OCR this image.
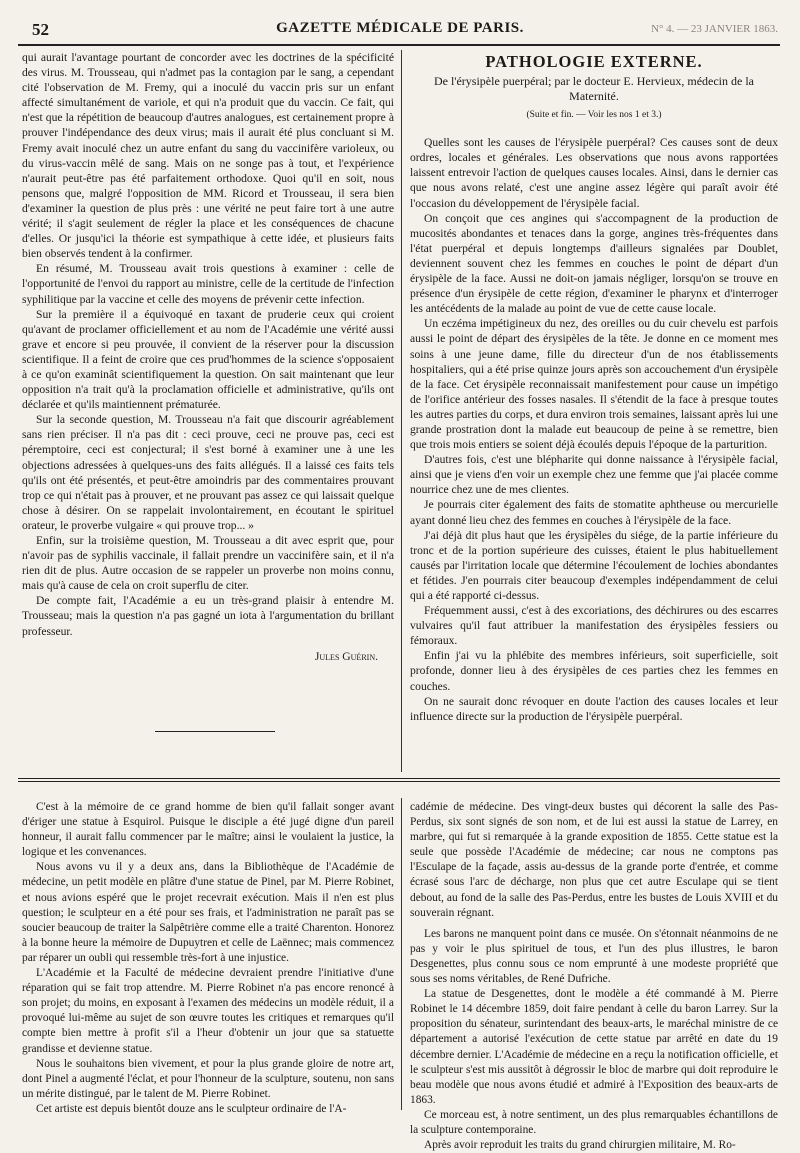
52	GAZETTE MÉDICALE DE PARIS.	N° 4. — 23 JANVIER 1863.

qui aurait l'avantage pourtant de concorder avec les doctrines de la spécificité des virus. M. Trousseau, qui n'admet pas la contagion par le sang, a cependant cité l'observation de M. Fremy, qui a inoculé du vaccin pris sur un enfant affecté simultanément de variole, et qui n'a produit que du vaccin. Ce fait, qui n'est que la répétition de beaucoup d'autres analogues, est certainement propre à prouver l'indépendance des deux virus; mais il aurait été plus concluant si M. Fremy avait inoculé chez un autre enfant du sang du vaccinifère varioleux, ou du virus-vaccin mêlé de sang. Mais on ne songe pas à tout, et l'expérience n'aurait peut-être pas été parfaitement orthodoxe. Quoi qu'il en soit, nous pensons que, malgré l'opposition de MM. Ricord et Trousseau, il sera bien d'examiner la question de plus près : une vérité ne peut faire tort à une autre vérité; il s'agit seulement de régler la place et les conséquences de chacune d'elles. Or jusqu'ici la théorie est sympathique à cette idée, et plusieurs faits bien observés tendent à la confirmer.

En résumé, M. Trousseau avait trois questions à examiner : celle de l'opportunité de l'envoi du rapport au ministre, celle de la certitude de l'infection syphilitique par la vaccine et celle des moyens de prévenir cette infection.

Sur la première il a équivoqué en taxant de pruderie ceux qui croient qu'avant de proclamer officiellement et au nom de l'Académie une vérité aussi grave et encore si peu prouvée, il convient de la réserver pour la discussion scientifique. Il a feint de croire que ces prud'hommes de la science s'opposaient à ce qu'on examinât scientifiquement la question. On sait maintenant que leur opposition n'a trait qu'à la proclamation officielle et administrative, qu'ils ont déclarée et qu'ils maintiennent prématurée.

Sur la seconde question, M. Trousseau n'a fait que discourir agréablement sans rien préciser. Il n'a pas dit : ceci prouve, ceci ne prouve pas, ceci est péremptoire, ceci est conjectural; il s'est borné à examiner une à une les objections adressées à quelques-uns des faits allégués. Il a laissé ces faits tels qu'ils ont été présentés, et peut-être amoindris par des commentaires prouvant trop ce qui n'était pas à prouver, et ne prouvant pas assez ce qui laissait quelque chose à désirer. On se rappelait involontairement, en écoutant le spirituel orateur, le proverbe vulgaire « qui prouve trop... »

Enfin, sur la troisième question, M. Trousseau a dit avec esprit que, pour n'avoir pas de syphilis vaccinale, il fallait prendre un vaccinifère sain, et il n'a rien dit de plus. Autre occasion de se rappeler un proverbe non moins connu, mais qu'à cause de cela on croit superflu de citer.

De compte fait, l'Académie a eu un très-grand plaisir à entendre M. Trousseau; mais la question n'a pas gagné un iota à l'argumentation du brillant professeur.

Jules Guérin.

PATHOLOGIE EXTERNE.

De l'érysipèle puerpéral; par le docteur E. Hervieux, médecin de la Maternité.

(Suite et fin. — Voir les nos 1 et 3.)

Quelles sont les causes de l'érysipèle puerpéral? Ces causes sont de deux ordres, locales et générales. Les observations que nous avons rapportées laissent entrevoir l'action de quelques causes locales. Ainsi, dans le dernier cas que nous avons relaté, c'est une angine assez légère qui paraît avoir été l'occasion du développement de l'érysipèle facial.

On conçoit que ces angines qui s'accompagnent de la production de mucosités abondantes et tenaces dans la gorge, angines très-fréquentes dans l'état puerpéral et depuis longtemps d'ailleurs signalées par Doublet, deviennent souvent chez les femmes en couches le point de départ d'un érysipèle de la face. Aussi ne doit-on jamais négliger, lorsqu'on se trouve en présence d'un érysipèle de cette région, d'examiner le pharynx et d'interroger les antécédents de la malade au point de vue de cette cause locale.

Un eczéma impétigineux du nez, des oreilles ou du cuir chevelu est parfois aussi le point de départ des érysipèles de la tête. Je donne en ce moment mes soins à une jeune dame, fille du directeur d'un de nos établissements hospitaliers, qui a été prise quinze jours après son accouchement d'un érysipèle de la face. Cet érysipèle reconnaissait manifestement pour cause un impétigo de l'orifice antérieur des fosses nasales. Il s'étendit de la face à presque toutes les autres parties du corps, et dura environ trois semaines, laissant après lui une grande prostration dont la malade eut beaucoup de peine à se remettre, bien que trois mois entiers se soient déjà écoulés depuis l'époque de la parturition.

D'autres fois, c'est une blépharite qui donne naissance à l'érysipèle facial, ainsi que je viens d'en voir un exemple chez une femme que j'ai placée comme nourrice chez une de mes clientes.

Je pourrais citer également des faits de stomatite aphtheuse ou mercurielle ayant donné lieu chez des femmes en couches à l'érysipèle de la face.

J'ai déjà dit plus haut que les érysipèles du siége, de la partie inférieure du tronc et de la portion supérieure des cuisses, étaient le plus habituellement causés par l'irritation locale que détermine l'écoulement de lochies abondantes et fétides. J'en pourrais citer beaucoup d'exemples indépendamment de celui qui a été rapporté ci-dessus.

Fréquemment aussi, c'est à des excoriations, des déchirures ou des escarres vulvaires qu'il faut attribuer la manifestation des érysipèles fessiers ou fémoraux.

Enfin j'ai vu la phlébite des membres inférieurs, soit superficielle, soit profonde, donner lieu à des érysipèles de ces parties chez les femmes en couches.

On ne saurait donc révoquer en doute l'action des causes locales et leur influence directe sur la production de l'érysipèle puerpéral.

C'est à la mémoire de ce grand homme de bien qu'il fallait songer avant d'ériger une statue à Esquirol. Puisque le disciple a été jugé digne d'un pareil honneur, il aurait fallu commencer par le maître; ainsi le voulaient la justice, la logique et les convenances.

Nous avons vu il y a deux ans, dans la Bibliothèque de l'Académie de médecine, un petit modèle en plâtre d'une statue de Pinel, par M. Pierre Robinet, et nous avions espéré que le projet recevrait exécution. Mais il n'en est plus question; le sculpteur en a été pour ses frais, et l'administration ne paraît pas se soucier beaucoup de traiter la Salpêtrière comme elle a traité Charenton. Honorez à la bonne heure la mémoire de Dupuytren et celle de Laënnec; mais commencez par réparer un oubli qui ressemble très-fort à une injustice.

L'Académie et la Faculté de médecine devraient prendre l'initiative d'une réparation qui se fait trop attendre. M. Pierre Robinet n'a pas encore renoncé à son projet; du moins, en exposant à l'examen des médecins un modèle réduit, il a provoqué lui-même au sujet de son œuvre toutes les critiques et remarques qu'il compte bien mettre à profit s'il a l'heur d'obtenir un jour que sa statuette grandisse et devienne statue.

Nous le souhaitons bien vivement, et pour la plus grande gloire de notre art, dont Pinel a augmenté l'éclat, et pour l'honneur de la sculpture, soutenu, non sans un mérite distingué, par le talent de M. Pierre Robinet.

Cet artiste est depuis bientôt douze ans le sculpteur ordinaire de l'A-

cadémie de médecine. Des vingt-deux bustes qui décorent la salle des Pas-Perdus, six sont signés de son nom, et de lui est aussi la statue de Larrey, en marbre, qui fut si remarquée à la grande exposition de 1855. Cette statue est la seule que possède l'Académie de médecine; car nous ne comptons pas l'Esculape de la façade, assis au-dessus de la grande porte d'entrée, et comme écrasé sous l'arc de décharge, non plus que cet autre Esculape qui se tient debout, au fond de la salle des Pas-Perdus, entre les bustes de Louis XVIII et du souverain régnant.

Les barons ne manquent point dans ce musée. On s'étonnait néanmoins de ne pas y voir le plus spirituel de tous, et l'un des plus illustres, le baron Desgenettes, plus connu sous ce nom emprunté à une modeste propriété que sous ses noms véritables, de René Dufriche.

La statue de Desgenettes, dont le modèle a été commandé à M. Pierre Robinet le 14 décembre 1859, doit faire pendant à celle du baron Larrey. Sur la proposition du sénateur, surintendant des beaux-arts, le maréchal ministre de ce département a autorisé l'exécution de cette statue par arrêté en date du 19 décembre dernier. L'Académie de médecine en a reçu la notification officielle, et le sculpteur s'est mis aussitôt à dégrossir le bloc de marbre qui doit reproduire le beau modèle que nous avons étudié et admiré à l'Exposition des beaux-arts de 1863.

Ce morceau est, à notre sentiment, un des plus remarquables échantillons de la sculpture contemporaine.

Après avoir reproduit les traits du grand chirurgien militaire, M. Ro-
